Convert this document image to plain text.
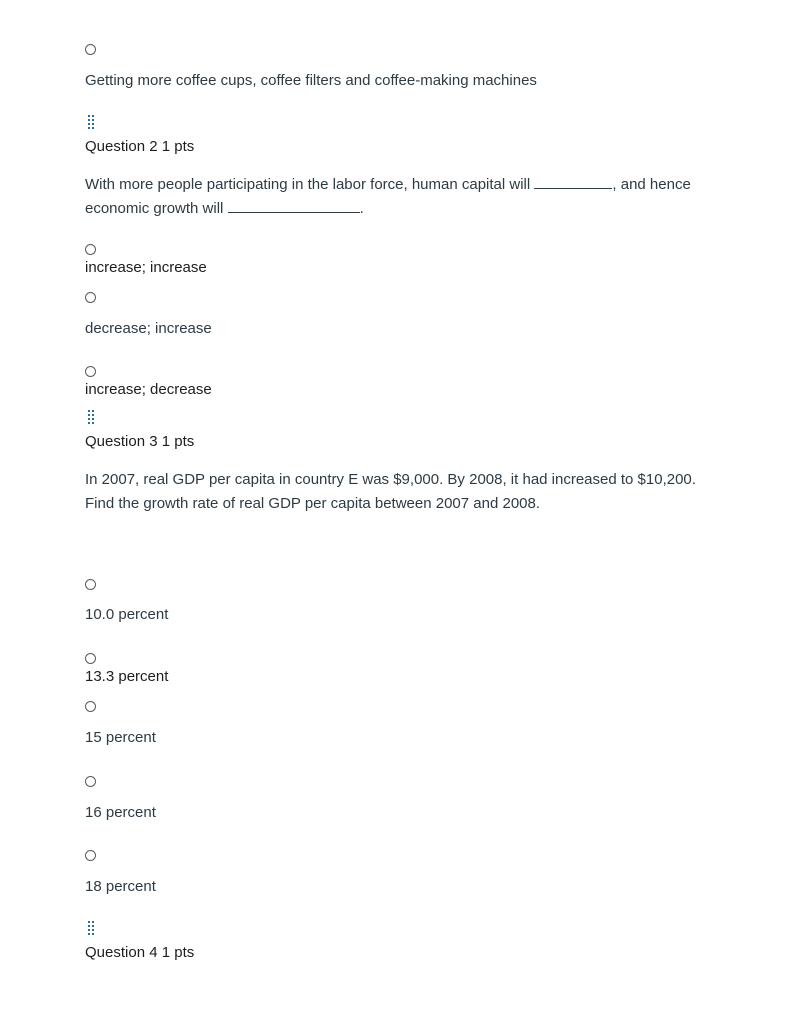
Getting more coffee cups, coffee filters and coffee-making machines
Question 2 1 pts
With more people participating in the labor force, human capital will	, and hence economic growth will	.
increase; increase
decrease; increase
increase; decrease
Question 3 1 pts
In 2007, real GDP per capita in country E was $9,000. By 2008, it had increased to $10,200.
Find the growth rate of real GDP per capita between 2007 and 2008.
10.0 percent
13.3 percent
15 percent
16 percent
18 percent
Question 4 1 pts
